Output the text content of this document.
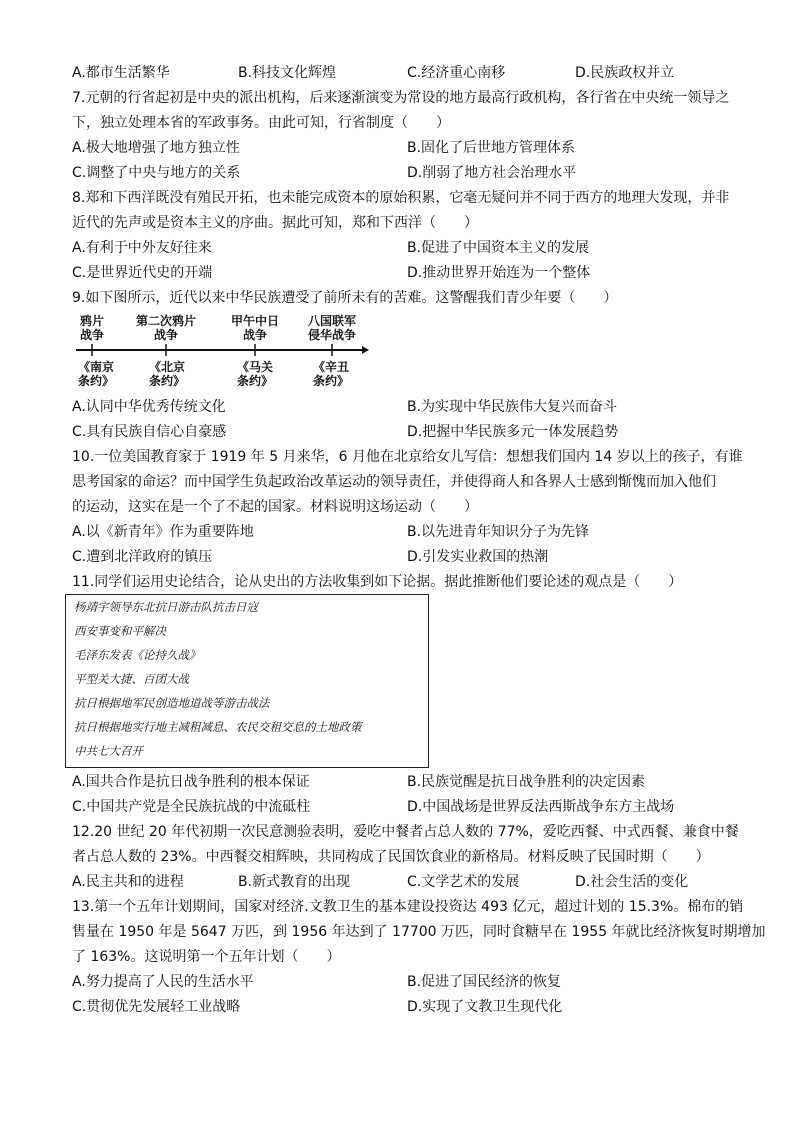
A.都市生活繁华	B.科技文化辉煌	C.经济重心南移	D.民族政权并立
7.元朝的行省起初是中央的派出机构，后来逐渐演变为常设的地方最高行政机构，各行省在中央统一领导之
下，独立处理本省的军政事务。由此可知，行省制度（　　）
A.极大地增强了地方独立性	B.固化了后世地方管理体系
C.调整了中央与地方的关系	D.削弱了地方社会治理水平
8.郑和下西洋既没有殖民开拓，也未能完成资本的原始积累，它毫无疑问并不同于西方的地理大发现，并非
近代的先声或是资本主义的序曲。据此可知，郑和下西洋（　　）
A.有利于中外友好往来	B.促进了中国资本主义的发展
C.是世界近代史的开端	D.推动世界开始连为一个整体
9.如下图所示，近代以来中华民族遭受了前所未有的苦难。这警醒我们青少年要（　　）
鸦片
战争
第二次鸦片
战争
甲午中日
战争
八国联军
侵华战争
《南京
条约》
《北京
条约》
《马关
条约》
《辛丑
条约》
A.认同中华优秀传统文化	B.为实现中华民族伟大复兴而奋斗
C.具有民族自信心自豪感	D.把握中华民族多元一体发展趋势
10.一位美国教育家于 1919 年 5 月来华，6 月他在北京给女儿写信：想想我们国内 14 岁以上的孩子，有谁
思考国家的命运？而中国学生负起政治改革运动的领导责任，并使得商人和各界人士感到惭愧而加入他们
的运动，这实在是一个了不起的国家。材料说明这场运动（　　）
A.以《新青年》作为重要阵地	B.以先进青年知识分子为先锋
C.遭到北洋政府的镇压	D.引发实业救国的热潮
11.同学们运用史论结合，论从史出的方法收集到如下论据。据此推断他们要论述的观点是（　　）
杨靖宇领导东北抗日游击队抗击日寇
西安事变和平解决
毛泽东发表《论持久战》
平型关大捷、百团大战
抗日根据地军民创造地道战等游击战法
抗日根据地实行地主减租减息、农民交租交息的土地政策
中共七大召开
A.国共合作是抗日战争胜利的根本保证	B.民族觉醒是抗日战争胜利的决定因素
C.中国共产党是全民族抗战的中流砥柱	D.中国战场是世界反法西斯战争东方主战场
12.20 世纪 20 年代初期一次民意测验表明，爱吃中餐者占总人数的 77%，爱吃西餐、中式西餐、兼食中餐
者占总人数的 23%。中西餐交相辉映，共同构成了民国饮食业的新格局。材料反映了民国时期（　　）
A.民主共和的进程	B.新式教育的出现	C.文学艺术的发展	D.社会生活的变化
13.第一个五年计划期间，国家对经济.文教卫生的基本建设投资达 493 亿元，超过计划的 15.3%。棉布的销
售量在 1950 年是 5647 万匹，到 1956 年达到了 17700 万匹，同时食糖早在 1955 年就比经济恢复时期增加
了 163%。这说明第一个五年计划（　　）
A.努力提高了人民的生活水平	B.促进了国民经济的恢复
C.贯彻优先发展轻工业战略	D.实现了文教卫生现代化
